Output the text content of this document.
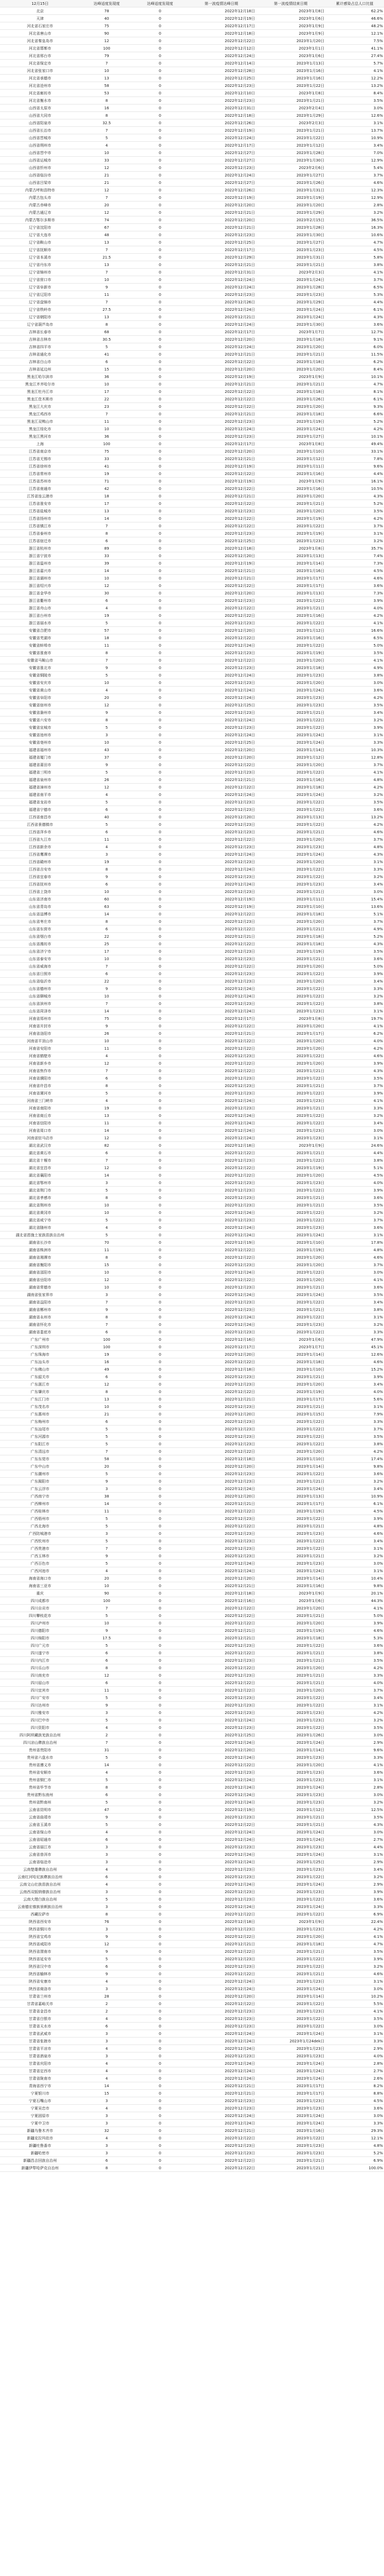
12月15日	达峰适度发现度	达峰适度发现度	第一波疫情达峰日期	第一波疫情结束日期	累计感染占总人口比值
北京	78	0	2022年12月18日	2023年1月8日	62.2%
天津	40	0	2022年12月19日	2023年1月6日	46.6%
河北省石家庄市	75	0	2022年12月17日	2023年1月9日	48.2%
河北省唐山市	90	0	2022年12月18日	2023年1月9日	12.1%
河北省秦皇岛市	12	0	2022年12月22日	2023年1月20日	7.5%
河北省邯郸市	100	0	2022年12月12日	2023年1月1日	41.1%
河北省邢台市	79	0	2022年12月24日	2023年1月6日	27.4%
河北省保定市	7	0	2022年12月14日	2023年1月13日	5.7%
河北省张家口市	10	0	2022年12月28日	2023年1月16日	4.1%
河北省承德市	13	0	2022年12月25日	2023年1月16日	12.2%
河北省沧州市	58	0	2022年12月23日	2023年1月22日	13.2%
河北省廊坊市	53	0	2022年12月10日	2023年1月8日	8.4%
河北省衡水市	8	0	2022年12月23日	2023年1月21日	3.5%
山西省太原市	16	0	2022年12月31日	2023年2月4日	3.0%
山西省大同市	8	0	2022年12月18日	2023年1月29日	12.6%
山西省阳泉市	32.5	0	2022年12月26日	2023年2月3日	3.1%
山西省长治市	7	0	2022年12月19日	2023年1月21日	13.7%
山西省晋城市	5	0	2022年12月24日	2023年1月22日	10.9%
山西省朔州市	4	0	2022年12月17日	2023年1月12日	3.4%
山西省晋中市	10	0	2022年12月27日	2023年1月28日	7.0%
山西省运城市	33	0	2022年12月27日	2023年1月30日	12.9%
山西省忻州市	12	0	2022年12月23日	2023年2月6日	5.4%
山西省临汾市	21	0	2022年12月24日	2023年1月27日	3.7%
山西省吕梁市	21	0	2022年12月27日	2023年1月26日	4.6%
内蒙古呼和浩特市	12	0	2022年12月26日	2023年1月31日	12.3%
内蒙古包头市	7	0	2022年12月19日	2023年1月19日	12.9%
内蒙古赤峰市	20	0	2022年12月20日	2023年1月20日	2.8%
内蒙古通辽市	12	0	2022年12月21日	2023年1月29日	3.2%
内蒙古鄂尔多斯市	74	0	2022年12月20日	2023年2月15日	36.5%
辽宁省沈阳市	67	0	2022年12月21日	2023年1月28日	16.3%
辽宁省大连市	48	0	2022年12月23日	2023年1月30日	10.6%
辽宁省鞍山市	13	0	2022年12月25日	2023年1月27日	4.7%
辽宁省抚顺市	7	0	2022年12月17日	2023年1月23日	4.5%
辽宁省本溪市	21.5	0	2022年12月29日	2023年1月31日	5.8%
辽宁省丹东市	13	0	2022年12月21日	2023年1月21日	3.8%
辽宁省锦州市	7	0	2022年12月31日	2023年2月3日	4.1%
辽宁省营口市	10	0	2022年12月24日	2023年1月24日	3.7%
辽宁省阜新市	9	0	2022年12月24日	2023年1月28日	6.5%
辽宁省辽阳市	11	0	2022年12月23日	2023年1月23日	5.3%
辽宁省盘锦市	7	0	2022年12月26日	2023年1月29日	4.4%
辽宁省铁岭市	27.5	0	2022年12月24日	2023年1月24日	6.1%
辽宁省朝阳市	13	0	2022年12月21日	2023年1月24日	4.3%
辽宁省葫芦岛市	8	0	2022年12月24日	2023年1月30日	3.6%
吉林省长春市	68	0	2022年12月17日	2023年1月7日	12.7%
吉林省吉林市	30.5	0	2022年12月20日	2023年1月18日	9.1%
吉林省四平市	5	0	2022年12月24日	2023年1月20日	6.0%
吉林省通化市	41	0	2022年12月21日	2023年1月21日	11.5%
吉林省白山市	6	0	2022年12月22日	2023年1月18日	6.2%
吉林省延边州	15	0	2022年12月20日	2023年1月20日	8.4%
黑龙江哈尔滨市	36	0	2022年12月19日	2023年1月9日	10.1%
黑龙江齐齐哈尔市	10	0	2022年12月21日	2023年1月21日	4.7%
黑龙江牡丹江市	17	0	2022年12月22日	2023年1月18日	8.1%
黑龙江佳木斯市	22	0	2022年12月22日	2023年1月26日	6.1%
黑龙江大庆市	23	0	2022年12月22日	2023年1月20日	9.3%
黑龙江鸡西市	7	0	2022年12月21日	2023年1月18日	6.6%
黑龙江双鸭山市	11	0	2022年12月23日	2023年1月19日	5.2%
黑龙江绥化市	10	0	2022年12月24日	2023年1月24日	4.2%
黑龙江黑河市	36	0	2022年12月23日	2023年1月27日	10.1%
上海	100	0	2022年12月17日	2023年1月8日	49.4%
江苏省南京市	75	0	2022年12月20日	2023年1月10日	33.1%
江苏省无锡市	33	0	2022年12月21日	2023年1月12日	7.8%
江苏省徐州市	41	0	2022年12月19日	2023年1月11日	9.6%
江苏省常州市	19	0	2022年12月22日	2023年1月16日	4.4%
江苏省苏州市	71	0	2022年12月19日	2023年1月9日	16.1%
江苏省南通市	42	0	2022年12月22日	2023年1月16日	10.5%
江苏省连云港市	18	0	2022年12月21日	2023年1月20日	4.3%
江苏省淮安市	17	0	2022年12月22日	2023年1月21日	5.2%
江苏省盐城市	13	0	2022年12月23日	2023年1月20日	3.5%
江苏省扬州市	14	0	2022年12月22日	2023年1月19日	4.2%
江苏省镇江市	7	0	2022年12月22日	2023年1月22日	3.7%
江苏省泰州市	8	0	2022年12月23日	2023年1月19日	3.1%
江苏省宿迁市	6	0	2022年12月25日	2023年1月23日	3.2%
浙江省杭州市	89	0	2022年12月18日	2023年1月8日	35.7%
浙江省宁波市	33	0	2022年12月20日	2023年1月13日	7.4%
浙江省温州市	39	0	2022年12月19日	2023年1月14日	7.3%
浙江省嘉兴市	14	0	2022年12月21日	2023年1月16日	4.5%
浙江省湖州市	10	0	2022年12月21日	2023年1月17日	4.6%
浙江省绍兴市	12	0	2022年12月22日	2023年1月17日	3.6%
浙江省金华市	30	0	2022年12月20日	2023年1月13日	7.3%
浙江省衢州市	6	0	2022年12月23日	2023年1月22日	3.9%
浙江省舟山市	4	0	2022年12月22日	2023年1月21日	4.0%
浙江省台州市	19	0	2022年12月22日	2023年1月16日	4.2%
浙江省丽水市	5	0	2022年12月23日	2023年1月22日	4.1%
安徽省合肥市	57	0	2022年12月20日	2023年1月12日	16.6%
安徽省芜湖市	18	0	2022年12月22日	2023年1月16日	6.5%
安徽省蚌埠市	11	0	2022年12月24日	2023年1月22日	5.0%
安徽省淮南市	8	0	2022年12月23日	2023年1月19日	3.5%
安徽省马鞍山市	7	0	2022年12月22日	2023年1月20日	4.1%
安徽省淮北市	9	0	2022年12月23日	2023年1月18日	4.9%
安徽省铜陵市	5	0	2022年12月24日	2023年1月23日	3.8%
安徽省安庆市	10	0	2022年12月23日	2023年1月20日	3.0%
安徽省黄山市	4	0	2022年12月24日	2023年1月24日	3.6%
安徽省阜阳市	20	0	2022年12月24日	2023年1月23日	4.2%
安徽省宿州市	12	0	2022年12月25日	2023年1月23日	3.5%
安徽省滁州市	9	0	2022年12月23日	2023年1月21日	3.4%
安徽省六安市	8	0	2022年12月24日	2023年1月22日	3.2%
安徽省宣城市	5	0	2022年12月23日	2023年1月22日	3.9%
安徽省池州市	3	0	2022年12月24日	2023年1月24日	3.1%
安徽省亳州市	10	0	2022年12月25日	2023年1月24日	3.3%
福建省福州市	43	0	2022年12月20日	2023年1月14日	10.3%
福建省厦门市	37	0	2022年12月20日	2023年1月12日	12.8%
福建省莆田市	9	0	2022年12月22日	2023年1月20日	3.7%
福建省三明市	5	0	2022年12月23日	2023年1月22日	4.1%
福建省泉州市	26	0	2022年12月21日	2023年1月16日	4.8%
福建省漳州市	12	0	2022年12月22日	2023年1月18日	4.2%
福建省南平市	4	0	2022年12月24日	2023年1月24日	3.2%
福建省龙岩市	5	0	2022年12月23日	2023年1月22日	3.5%
福建省宁德市	6	0	2022年12月23日	2023年1月22日	3.6%
江西省南昌市	40	0	2022年12月20日	2023年1月13日	13.2%
江西省景德镇市	5	0	2022年12月23日	2023年1月22日	4.2%
江西省萍乡市	6	0	2022年12月23日	2023年1月21日	4.6%
江西省九江市	11	0	2022年12月22日	2023年1月20日	3.7%
江西省新余市	4	0	2022年12月23日	2023年1月23日	4.8%
江西省鹰潭市	3	0	2022年12月24日	2023年1月24日	4.3%
江西省赣州市	19	0	2022年12月23日	2023年1月20日	3.1%
江西省吉安市	8	0	2022年12月24日	2023年1月22日	3.3%
江西省宜春市	9	0	2022年12月23日	2023年1月22日	3.2%
江西省抚州市	6	0	2022年12月24日	2023年1月23日	3.4%
江西省上饶市	10	0	2022年12月23日	2023年1月21日	3.0%
山东省济南市	60	0	2022年12月19日	2023年1月11日	15.4%
山东省青岛市	63	0	2022年12月19日	2023年1月10日	13.6%
山东省淄博市	14	0	2022年12月22日	2023年1月18日	5.1%
山东省枣庄市	8	0	2022年12月23日	2023年1月20日	3.7%
山东省东营市	6	0	2022年12月22日	2023年1月21日	4.9%
山东省烟台市	22	0	2022年12月21日	2023年1月18日	5.2%
山东省潍坊市	25	0	2022年12月22日	2023年1月18日	4.3%
山东省济宁市	17	0	2022年12月23日	2023年1月19日	3.5%
山东省泰安市	10	0	2022年12月23日	2023年1月21日	3.6%
山东省威海市	7	0	2022年12月22日	2023年1月20日	5.0%
山东省日照市	6	0	2022年12月23日	2023年1月22日	3.9%
山东省临沂市	22	0	2022年12月23日	2023年1月20日	3.4%
山东省德州市	9	0	2022年12月24日	2023年1月22日	3.3%
山东省聊城市	10	0	2022年12月24日	2023年1月22日	3.2%
山东省滨州市	7	0	2022年12月23日	2023年1月22日	3.8%
山东省菏泽市	14	0	2022年12月24日	2023年1月23日	3.1%
河南省郑州市	75	0	2022年12月17日	2023年1月8日	19.7%
河南省开封市	9	0	2022年12月22日	2023年1月20日	4.1%
河南省洛阳市	26	0	2022年12月21日	2023年1月17日	6.2%
河南省平顶山市	10	0	2022年12月22日	2023年1月20日	4.0%
河南省安阳市	11	0	2022年12月22日	2023年1月20日	4.2%
河南省鹤壁市	4	0	2022年12月23日	2023年1月22日	4.6%
河南省新乡市	12	0	2022年12月22日	2023年1月20日	3.9%
河南省焦作市	7	0	2022年12月22日	2023年1月21日	4.3%
河南省濮阳市	6	0	2022年12月23日	2023年1月22日	3.5%
河南省许昌市	8	0	2022年12月23日	2023年1月21日	3.7%
河南省漯河市	5	0	2022年12月23日	2023年1月22日	3.9%
河南省三门峡市	4	0	2022年12月24日	2023年1月23日	4.1%
河南省南阳市	19	0	2022年12月23日	2023年1月21日	3.3%
河南省商丘市	13	0	2022年12月24日	2023年1月22日	3.2%
河南省信阳市	11	0	2022年12月24日	2023年1月22日	3.4%
河南省周口市	14	0	2022年12月24日	2023年1月23日	3.0%
河南省驻马店市	12	0	2022年12月24日	2023年1月23日	3.1%
湖北省武汉市	82	0	2022年12月18日	2023年1月9日	24.6%
湖北省黄石市	6	0	2022年12月22日	2023年1月21日	4.4%
湖北省十堰市	7	0	2022年12月23日	2023年1月22日	3.8%
湖北省宜昌市	12	0	2022年12月22日	2023年1月19日	5.1%
湖北省襄阳市	14	0	2022年12月22日	2023年1月20日	4.5%
湖北省鄂州市	3	0	2022年12月23日	2023年1月23日	4.0%
湖北省荆门市	5	0	2022年12月23日	2023年1月22日	3.9%
湖北省孝感市	8	0	2022年12月23日	2023年1月21日	3.6%
湖北省荆州市	10	0	2022年12月23日	2023年1月21日	3.5%
湖北省黄冈市	10	0	2022年12月24日	2023年1月22日	3.2%
湖北省咸宁市	5	0	2022年12月23日	2023年1月22日	3.7%
湖北省随州市	4	0	2022年12月24日	2023年1月23日	3.6%
湖北省恩施土家族苗族自治州	5	0	2022年12月24日	2023年1月24日	3.1%
湖南省长沙市	70	0	2022年12月19日	2023年1月10日	17.8%
湖南省株洲市	11	0	2022年12月22日	2023年1月19日	4.8%
湖南省湘潭市	8	0	2022年12月22日	2023年1月20日	4.6%
湖南省衡阳市	15	0	2022年12月23日	2023年1月20日	3.7%
湖南省邵阳市	10	0	2022年12月24日	2023年1月22日	3.0%
湖南省岳阳市	12	0	2022年12月22日	2023年1月20日	4.1%
湖南省常德市	10	0	2022年12月23日	2023年1月21日	3.6%
湖南省张家界市	3	0	2022年12月24日	2023年1月24日	3.5%
湖南省益阳市	7	0	2022年12月23日	2023年1月22日	3.4%
湖南省郴州市	9	0	2022年12月23日	2023年1月21日	3.8%
湖南省永州市	8	0	2022年12月24日	2023年1月22日	3.1%
湖南省怀化市	7	0	2022年12月24日	2023年1月23日	3.2%
湖南省娄底市	6	0	2022年12月23日	2023年1月22日	3.3%
广东广州市	100	0	2022年12月16日	2023年1月6日	47.9%
广东深圳市	100	0	2022年12月17日	2023年1月7日	45.1%
广东珠海市	19	0	2022年12月20日	2023年1月14日	12.6%
广东汕头市	16	0	2022年12月22日	2023年1月18日	4.6%
广东佛山市	49	0	2022年12月18日	2023年1月10日	15.2%
广东韶关市	6	0	2022年12月23日	2023年1月21日	3.9%
广东湛江市	12	0	2022年12月23日	2023年1月20日	3.4%
广东肇庆市	8	0	2022年12月22日	2023年1月19日	4.0%
广东江门市	13	0	2022年12月21日	2023年1月17日	5.6%
广东茂名市	10	0	2022年12月23日	2023年1月21日	3.1%
广东惠州市	21	0	2022年12月20日	2023年1月15日	7.9%
广东梅州市	6	0	2022年12月23日	2023年1月22日	3.3%
广东汕尾市	5	0	2022年12月23日	2023年1月22日	3.7%
广东河源市	5	0	2022年12月23日	2023年1月22日	3.5%
广东阳江市	5	0	2022年12月23日	2023年1月22日	3.8%
广东清远市	7	0	2022年12月22日	2023年1月20日	4.2%
广东东莞市	58	0	2022年12月18日	2023年1月10日	17.4%
广东中山市	20	0	2022年12月20日	2023年1月14日	9.8%
广东潮州市	5	0	2022年12月23日	2023年1月22日	3.6%
广东揭阳市	9	0	2022年12月23日	2023年1月21日	3.2%
广东云浮市	3	0	2022年12月24日	2023年1月24日	3.4%
广西南宁市	38	0	2022年12月20日	2023年1月13日	10.9%
广西柳州市	14	0	2022年12月21日	2023年1月17日	6.1%
广西桂林市	11	0	2022年12月22日	2023年1月19日	4.5%
广西梧州市	5	0	2022年12月23日	2023年1月22日	3.9%
广西北海市	5	0	2022年12月22日	2023年1月21日	4.8%
广西防城港市	3	0	2022年12月23日	2023年1月23日	4.6%
广西钦州市	5	0	2022年12月23日	2023年1月22日	3.4%
广西贵港市	7	0	2022年12月23日	2023年1月22日	3.1%
广西玉林市	9	0	2022年12月23日	2023年1月21日	3.2%
广西百色市	5	0	2022年12月24日	2023年1月23日	3.0%
广西河池市	4	0	2022年12月24日	2023年1月24日	3.1%
海南省海口市	20	0	2022年12月20日	2023年1月14日	10.4%
海南省三亚市	10	0	2022年12月21日	2023年1月16日	9.8%
重庆	90	0	2022年12月18日	2023年1月9日	20.1%
四川成都市	100	0	2022年12月16日	2023年1月6日	44.3%
四川自贡市	7	0	2022年12月22日	2023年1月20日	4.1%
四川攀枝花市	5	0	2022年12月22日	2023年1月21日	5.0%
四川泸州市	10	0	2022年12月22日	2023年1月20日	3.9%
四川德阳市	9	0	2022年12月21日	2023年1月19日	4.6%
四川绵阳市	17.5	0	2022年12月21日	2023年1月18日	5.3%
四川广元市	5	0	2022年12月23日	2023年1月22日	3.6%
四川遂宁市	6	0	2022年12月22日	2023年1月21日	3.8%
四川内江市	6	0	2022年12月23日	2023年1月21日	3.5%
四川乐山市	8	0	2022年12月22日	2023年1月20日	4.2%
四川南充市	12	0	2022年12月23日	2023年1月21日	3.3%
四川眉山市	6	0	2022年12月22日	2023年1月21日	4.0%
四川宜宾市	11	0	2022年12月22日	2023年1月20日	3.7%
四川广安市	5	0	2022年12月23日	2023年1月22日	3.4%
四川达州市	9	0	2022年12月23日	2023年1月22日	3.1%
四川雅安市	3	0	2022年12月23日	2023年1月23日	4.2%
四川巴中市	5	0	2022年12月24日	2023年1月23日	3.2%
四川资阳市	4	0	2022年12月23日	2023年1月22日	3.5%
四川阿坝藏族羌族自治州	2	0	2022年12月25日	2023年1月26日	3.0%
四川凉山彝族自治州	7	0	2022年12月24日	2023年1月24日	2.9%
贵州省贵阳市	31	0	2022年12月20日	2023年1月14日	9.6%
贵州省六盘水市	5	0	2022年12月24日	2023年1月23日	3.3%
贵州省遵义市	14	0	2022年12月22日	2023年1月20日	4.1%
贵州省安顺市	4	0	2022年12月23日	2023年1月23日	3.6%
贵州省铜仁市	5	0	2022年12月24日	2023年1月23日	3.1%
贵州省毕节市	8	0	2022年12月24日	2023年1月24日	2.8%
贵州省黔东南州	6	0	2022年12月24日	2023年1月23日	3.0%
贵州省黔南州	5	0	2022年12月24日	2023年1月23日	3.2%
云南省昆明市	47	0	2022年12月19日	2023年1月12日	12.5%
云南省曲靖市	9	0	2022年12月23日	2023年1月21日	3.5%
云南省玉溪市	5	0	2022年12月22日	2023年1月21日	4.3%
云南省保山市	4	0	2022年12月24日	2023年1月24日	3.0%
云南省昭通市	6	0	2022年12月24日	2023年1月24日	2.7%
云南省丽江市	3	0	2022年12月23日	2023年1月23日	4.4%
云南省普洱市	3	0	2022年12月24日	2023年1月24日	3.1%
云南省临沧市	3	0	2022年12月24日	2023年1月25日	2.9%
云南楚雄彝族自治州	4	0	2022年12月23日	2023年1月23日	3.4%
云南红河哈尼族彝族自治州	6	0	2022年12月23日	2023年1月22日	3.2%
云南文山壮族苗族自治州	4	0	2022年12月24日	2023年1月24日	2.9%
云南西双版纳傣族自治州	3	0	2022年12月23日	2023年1月23日	3.9%
云南大理白族自治州	5	0	2022年12月23日	2023年1月22日	3.6%
云南德宏傣族景颇族自治州	3	0	2022年12月24日	2023年1月24日	3.3%
西藏拉萨市	8	0	2022年12月22日	2023年1月22日	6.9%
陕西省西安市	76	0	2022年12月18日	2023年1月9日	22.4%
陕西省铜川市	3	0	2022年12月23日	2023年1月23日	4.2%
陕西省宝鸡市	9	0	2022年12月22日	2023年1月20日	4.1%
陕西省咸阳市	12	0	2022年12月21日	2023年1月18日	4.7%
陕西省渭南市	9	0	2022年12月22日	2023年1月21日	3.5%
陕西省延安市	5	0	2022年12月23日	2023年1月22日	3.9%
陕西省汉中市	6	0	2022年12月23日	2023年1月22日	3.2%
陕西省榆林市	9	0	2022年12月22日	2023年1月21日	4.6%
陕西省安康市	4	0	2022年12月24日	2023年1月23日	3.1%
陕西省商洛市	3	0	2022年12月24日	2023年1月24日	3.0%
甘肃省兰州市	28	0	2022年12月20日	2023年1月14日	10.2%
甘肃省嘉峪关市	2	0	2022年12月22日	2023年1月22日	5.5%
甘肃省金昌市	2	0	2022年12月23日	2023年1月23日	4.1%
甘肃省白银市	4	0	2022年12月23日	2023年1月22日	3.5%
甘肃省天水市	6	0	2022年12月23日	2023年1月22日	3.0%
甘肃省武威市	3	0	2022年12月24日	2023年1月24日	3.1%
甘肃省张掖市	3	0	2022年12月24日	2023年1月24dek日	3.3%
甘肃省平凉市	4	0	2022年12月24日	2023年1月23日	2.9%
甘肃省酒泉市	3	0	2022年12月23日	2023年1月23日	4.0%
甘肃省庆阳市	4	0	2022年12月24日	2023年1月24日	2.8%
甘肃省定西市	4	0	2022年12月24日	2023年1月24日	2.7%
甘肃省陇南市	4	0	2022年12月24日	2023年1月24日	2.6%
青海省西宁市	14	0	2022年12月21日	2023年1月17日	8.2%
宁夏银川市	15	0	2022年12月21日	2023年1月17日	8.8%
宁夏石嘴山市	3	0	2022年12月23日	2023年1月23日	4.5%
宁夏吴忠市	4	0	2022年12月23日	2023年1月23日	3.6%
宁夏固原市	3	0	2022年12月24日	2023年1月24日	3.0%
宁夏中卫市	3	0	2022年12月24日	2023年1月24日	3.3%
新疆乌鲁木齐市	32	0	2022年12月21日	2023年1月16日	29.3%
新疆克拉玛依市	4	0	2022年12月22日	2023年1月22日	12.1%
新疆吐鲁番市	3	0	2022年12月23日	2023年1月23日	4.8%
新疆哈密市	3	0	2022年12月23日	2023年1月23日	5.2%
新疆昌吉回族自治州	6	0	2022年12月22日	2023年1月21日	6.9%
新疆伊犁哈萨克自治州	8	0	2022年12月22日	2023年1月21日	100.0%
